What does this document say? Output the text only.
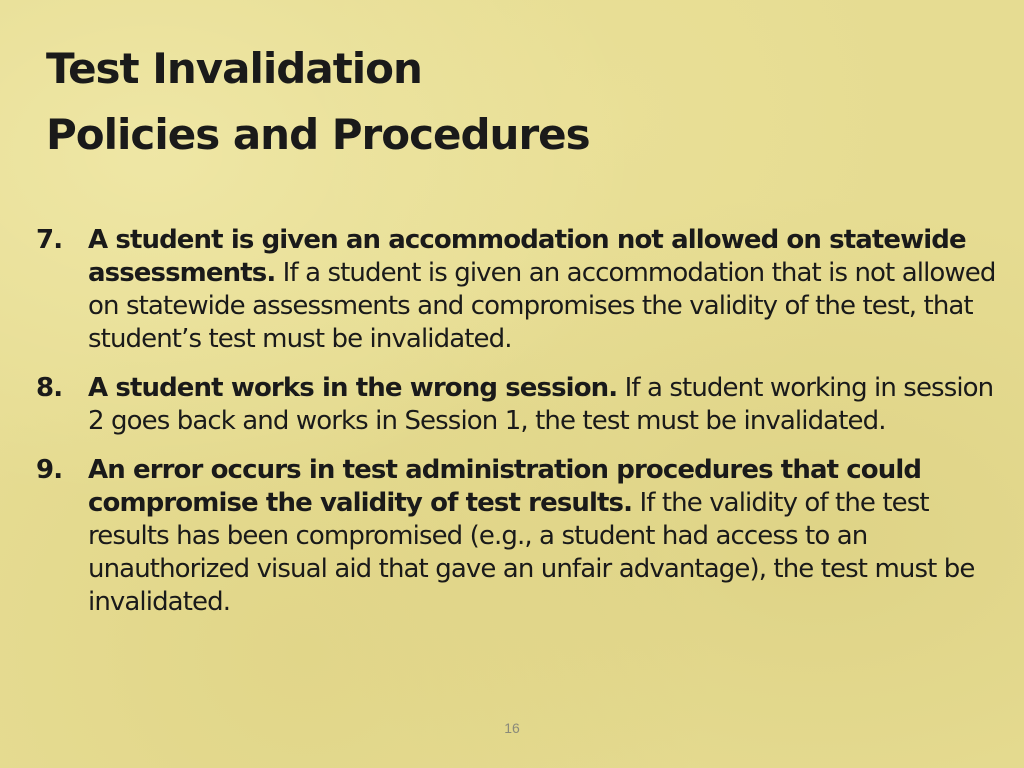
Test Invalidation
Policies and Procedures
7. A student is given an accommodation not allowed on statewide assessments. If a student is given an accommodation that is not allowed on statewide assessments and compromises the validity of the test, that student’s test must be invalidated.
8. A student works in the wrong session. If a student working in session 2 goes back and works in Session 1, the test must be invalidated.
9. An error occurs in test administration procedures that could compromise the validity of test results. If the validity of the test results has been compromised (e.g., a student had access to an unauthorized visual aid that gave an unfair advantage), the test must be invalidated.
16
